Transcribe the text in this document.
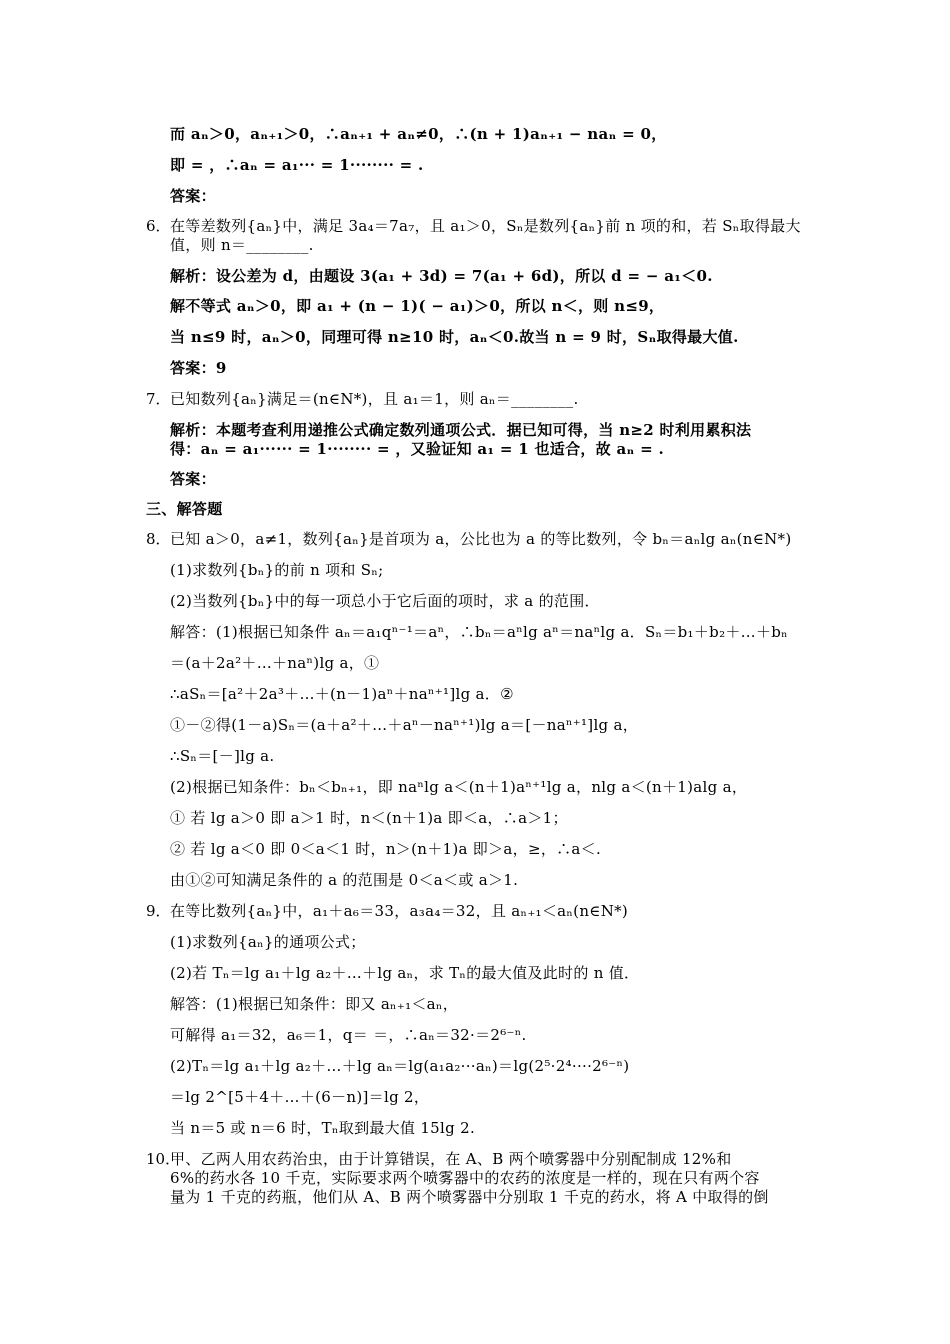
而 aₙ＞0，aₙ₊₁＞0，∴aₙ₊₁ + aₙ≠0，∴(n + 1)aₙ₊₁ − naₙ = 0，
即 = ，∴aₙ = a₁··· = 1········ = .
答案：
6． 在等差数列{aₙ}中，满足 3a₄＝7a₇，且 a₁＞0，Sₙ是数列{aₙ}前 n 项的和，若 Sₙ取得最大
值，则 n＝________.
解析：设公差为 d，由题设 3(a₁ + 3d) = 7(a₁ + 6d)，所以 d = − a₁＜0.
解不等式 aₙ＞0，即 a₁ + (n − 1)( − a₁)＞0，所以 n＜，则 n≤9，
当 n≤9 时，aₙ＞0，同理可得 n≥10 时，aₙ＜0.故当 n = 9 时，Sₙ取得最大值.
答案：9
7． 已知数列{aₙ}满足＝(n∈N*)，且 a₁＝1，则 aₙ＝________.
解析：本题考查利用递推公式确定数列通项公式．据已知可得，当 n≥2 时利用累积法
得：aₙ = a₁······ = 1········ = ，又验证知 a₁ = 1 也适合，故 aₙ = .
答案：
三、解答题
8． 已知 a＞0，a≠1，数列{aₙ}是首项为 a，公比也为 a 的等比数列，令 bₙ＝aₙlg aₙ(n∈N*)
(1)求数列{bₙ}的前 n 项和 Sₙ;
(2)当数列{bₙ}中的每一项总小于它后面的项时，求 a 的范围．
解答：(1)根据已知条件 aₙ＝a₁qⁿ⁻¹＝aⁿ，∴bₙ＝aⁿlg aⁿ＝naⁿlg a．Sₙ＝b₁＋b₂＋…＋bₙ
＝(a＋2a²＋…＋naⁿ)lg a，①
∴aSₙ＝[a²＋2a³＋…＋(n－1)aⁿ＋naⁿ⁺¹]lg a．②
①－②得(1－a)Sₙ＝(a＋a²＋…＋aⁿ－naⁿ⁺¹)lg a＝[－naⁿ⁺¹]lg a，
∴Sₙ＝[－]lg a.
(2)根据已知条件：bₙ＜bₙ₊₁，即 naⁿlg a＜(n＋1)aⁿ⁺¹lg a，nlg a＜(n＋1)alg a，
① 若 lg a＞0 即 a＞1 时，n＜(n＋1)a 即＜a，∴a＞1；
② 若 lg a＜0 即 0＜a＜1 时，n＞(n＋1)a 即＞a，≥，∴a＜.
由①②可知满足条件的 a 的范围是 0＜a＜或 a＞1.
9． 在等比数列{aₙ}中，a₁＋a₆＝33，a₃a₄＝32，且 aₙ₊₁＜aₙ(n∈N*)
(1)求数列{aₙ}的通项公式；
(2)若 Tₙ＝lg a₁＋lg a₂＋…＋lg aₙ，求 Tₙ的最大值及此时的 n 值．
解答：(1)根据已知条件：即又 aₙ₊₁＜aₙ，
可解得 a₁＝32，a₆＝1，q＝ ＝，∴aₙ＝32·＝2⁶⁻ⁿ.
(2)Tₙ＝lg a₁＋lg a₂＋…＋lg aₙ＝lg(a₁a₂···aₙ)＝lg(2⁵·2⁴····2⁶⁻ⁿ)
＝lg 2^[5＋4＋…＋(6－n)]＝lg 2，
当 n＝5 或 n＝6 时，Tₙ取到最大值 15lg 2.
10．
甲、乙两人用农药治虫，由于计算错误，在 A、B 两个喷雾器中分别配制成 12%和
6%的药水各 10 千克，实际要求两个喷雾器中的农药的浓度是一样的，现在只有两个容
量为 1 千克的药瓶，他们从 A、B 两个喷雾器中分别取 1 千克的药水，将 A 中取得的倒
